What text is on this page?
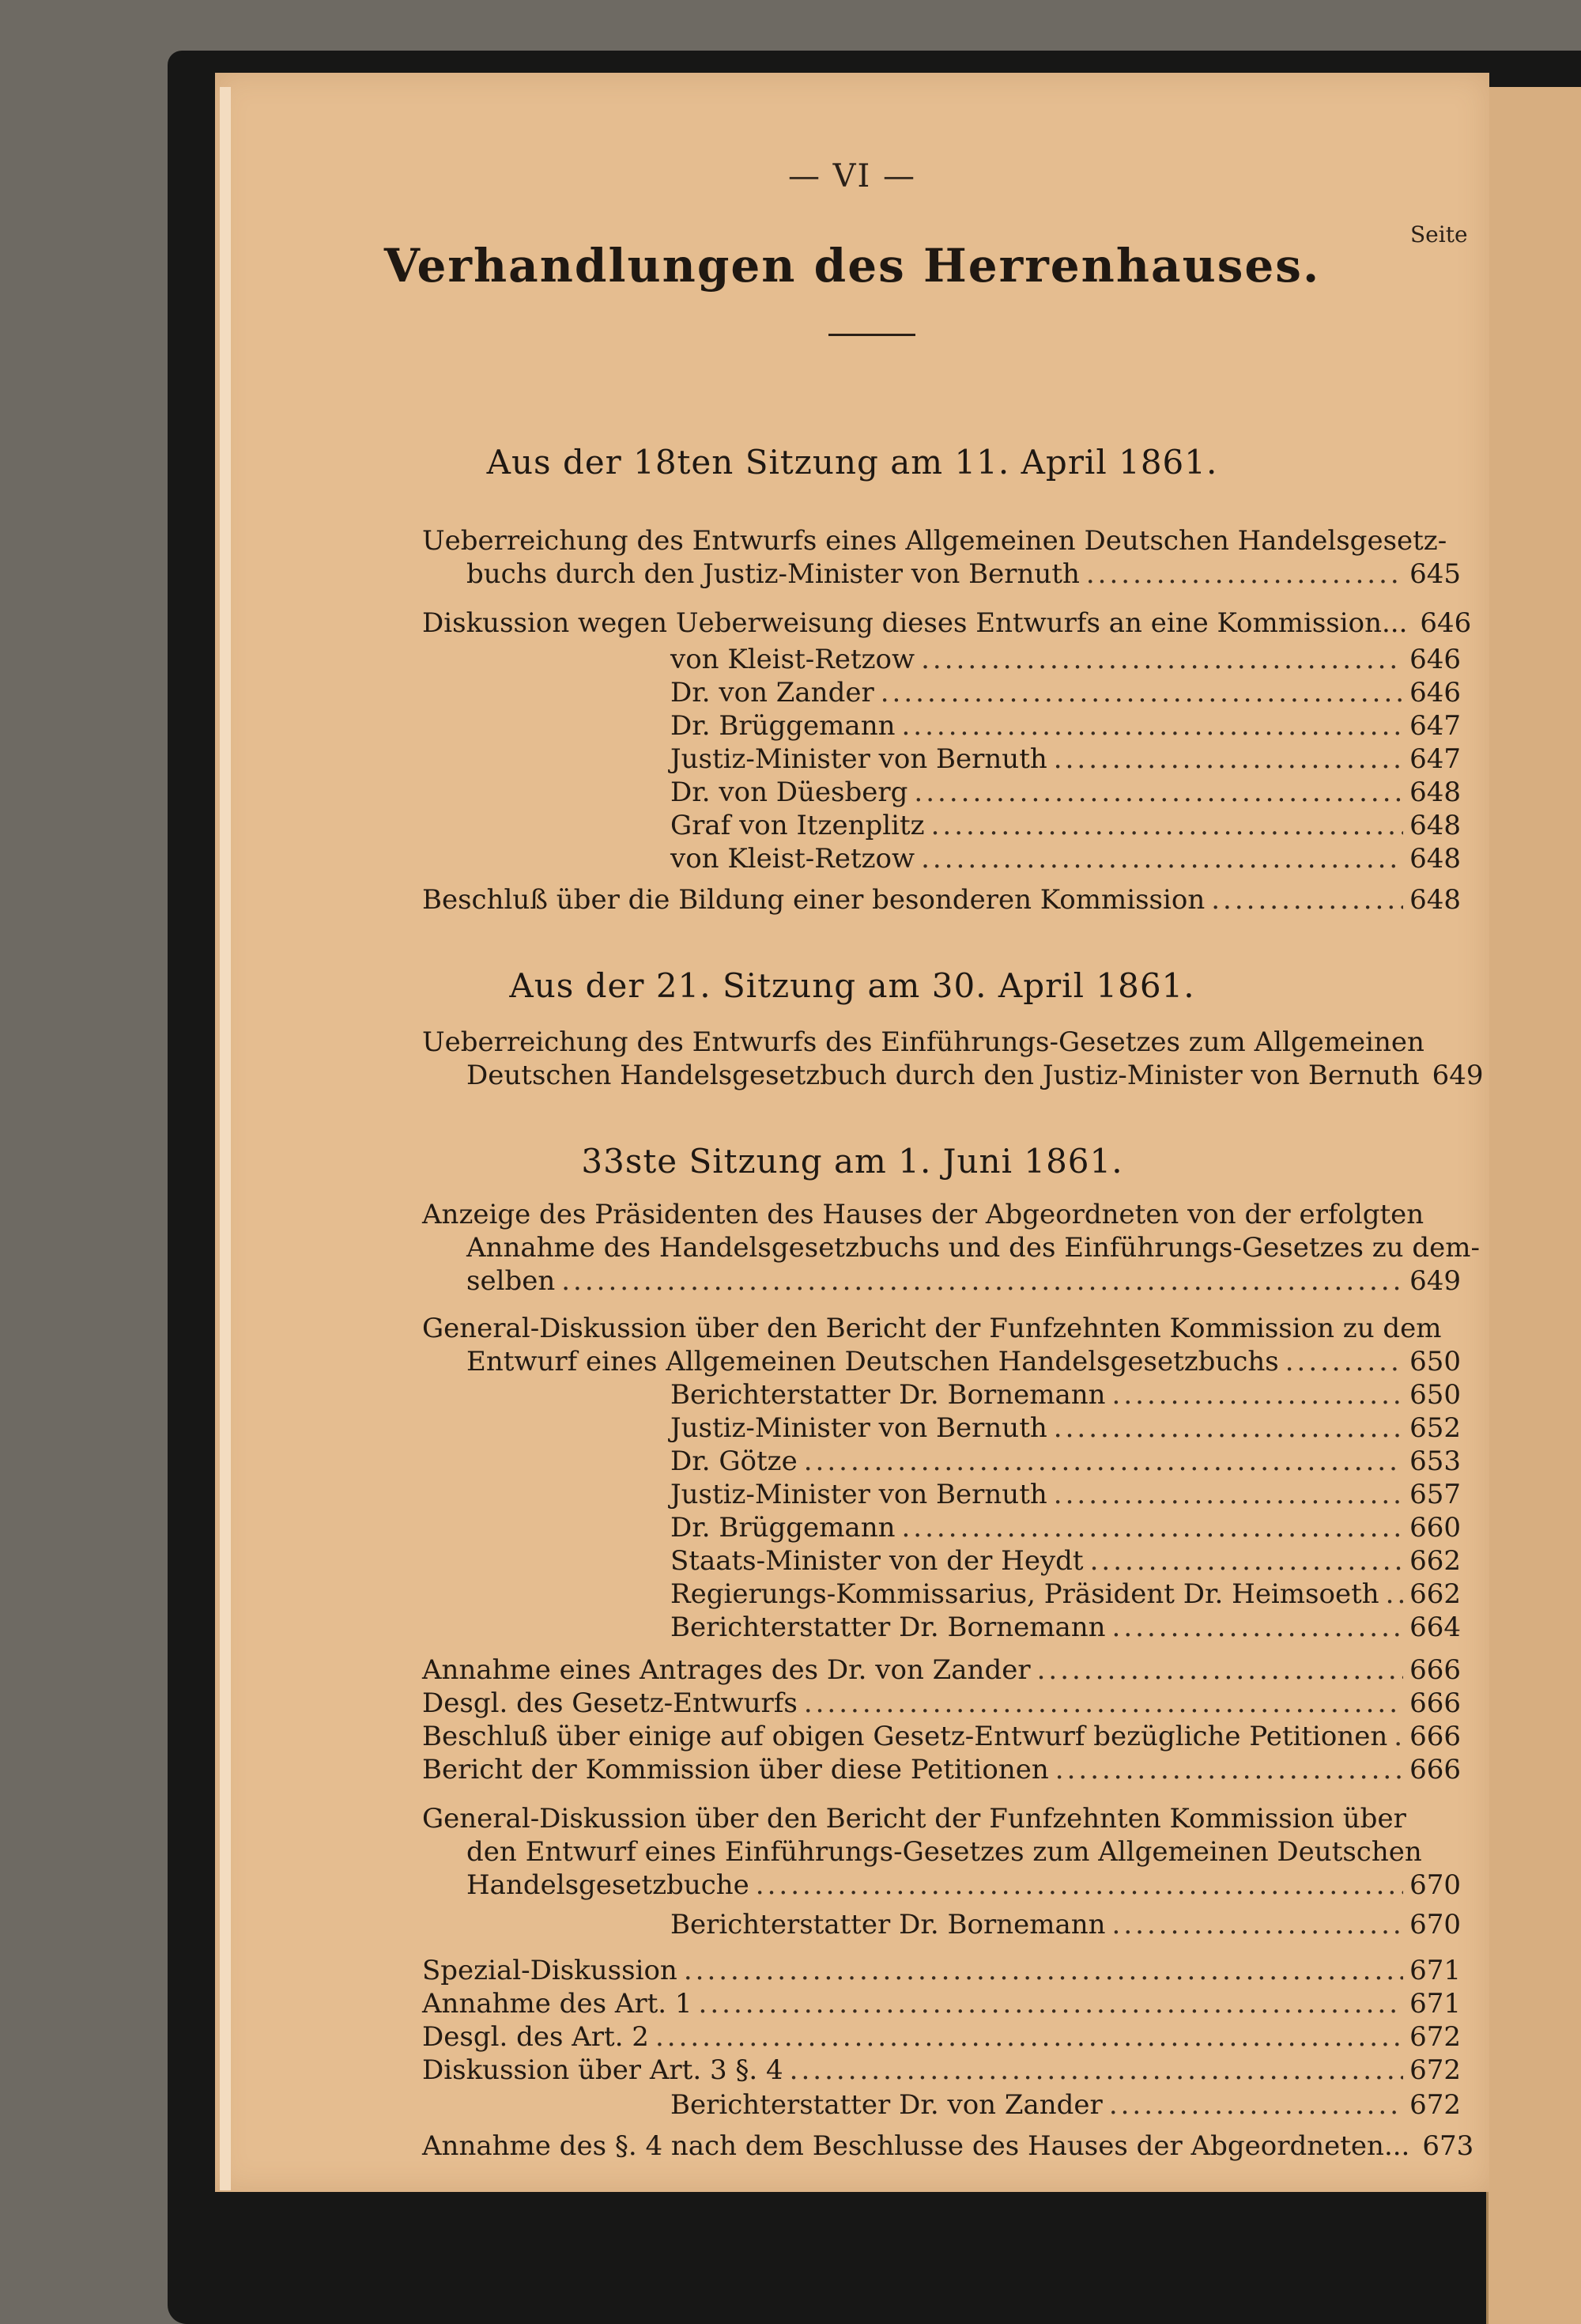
— VI —
Seite
Verhandlungen des Herrenhauses.
Aus der 18ten Sitzung am 11. April 1861.
Ueberreichung des Entwurfs eines Allgemeinen Deutschen Handelsgesetz-
buchs durch den Justiz-Minister von Bernuth .....	645
Diskussion wegen Ueberweisung dieses Entwurfs an eine Kommission... 646
von Kleist-Retzow .....	646
Dr. von Zander .....	646
Dr. Brüggemann .....	647
Justiz-Minister von Bernuth .....	647
Dr. von Düesberg .....	648
Graf von Itzenplitz .....	648
von Kleist-Retzow .....	648
Beschluß über die Bildung einer besonderen Kommission .....	648
Aus der 21. Sitzung am 30. April 1861.
Ueberreichung des Entwurfs des Einführungs-Gesetzes zum Allgemeinen
Deutschen Handelsgesetzbuch durch den Justiz-Minister von Bernuth 649
33ste Sitzung am 1. Juni 1861.
Anzeige des Präsidenten des Hauses der Abgeordneten von der erfolgten
Annahme des Handelsgesetzbuchs und des Einführungs-Gesetzes zu dem-
selben .....	649
General-Diskussion über den Bericht der Funfzehnten Kommission zu dem
Entwurf eines Allgemeinen Deutschen Handelsgesetzbuchs .....	650
Berichterstatter Dr. Bornemann .....	650
Justiz-Minister von Bernuth .....	652
Dr. Götze .....	653
Justiz-Minister von Bernuth .....	657
Dr. Brüggemann .....	660
Staats-Minister von der Heydt .....	662
Regierungs-Kommissarius, Präsident Dr. Heimsoeth ..... 662
Berichterstatter Dr. Bornemann .....	664
Annahme eines Antrages des Dr. von Zander .....	666
Desgl. des Gesetz-Entwurfs .....	666
Beschluß über einige auf obigen Gesetz-Entwurf bezügliche Petitionen ..... 666
Bericht der Kommission über diese Petitionen .....	666
General-Diskussion über den Bericht der Funfzehnten Kommission über
den Entwurf eines Einführungs-Gesetzes zum Allgemeinen Deutschen
Handelsgesetzbuche .....	670
Berichterstatter Dr. Bornemann .....	670
Spezial-Diskussion .....	671
Annahme des Art. 1 .....	671
Desgl. des Art. 2 .....	672
Diskussion über Art. 3 §. 4 .....	672
Berichterstatter Dr. von Zander .....	672
Annahme des §. 4 nach dem Beschlusse des Hauses der Abgeordneten... 673
